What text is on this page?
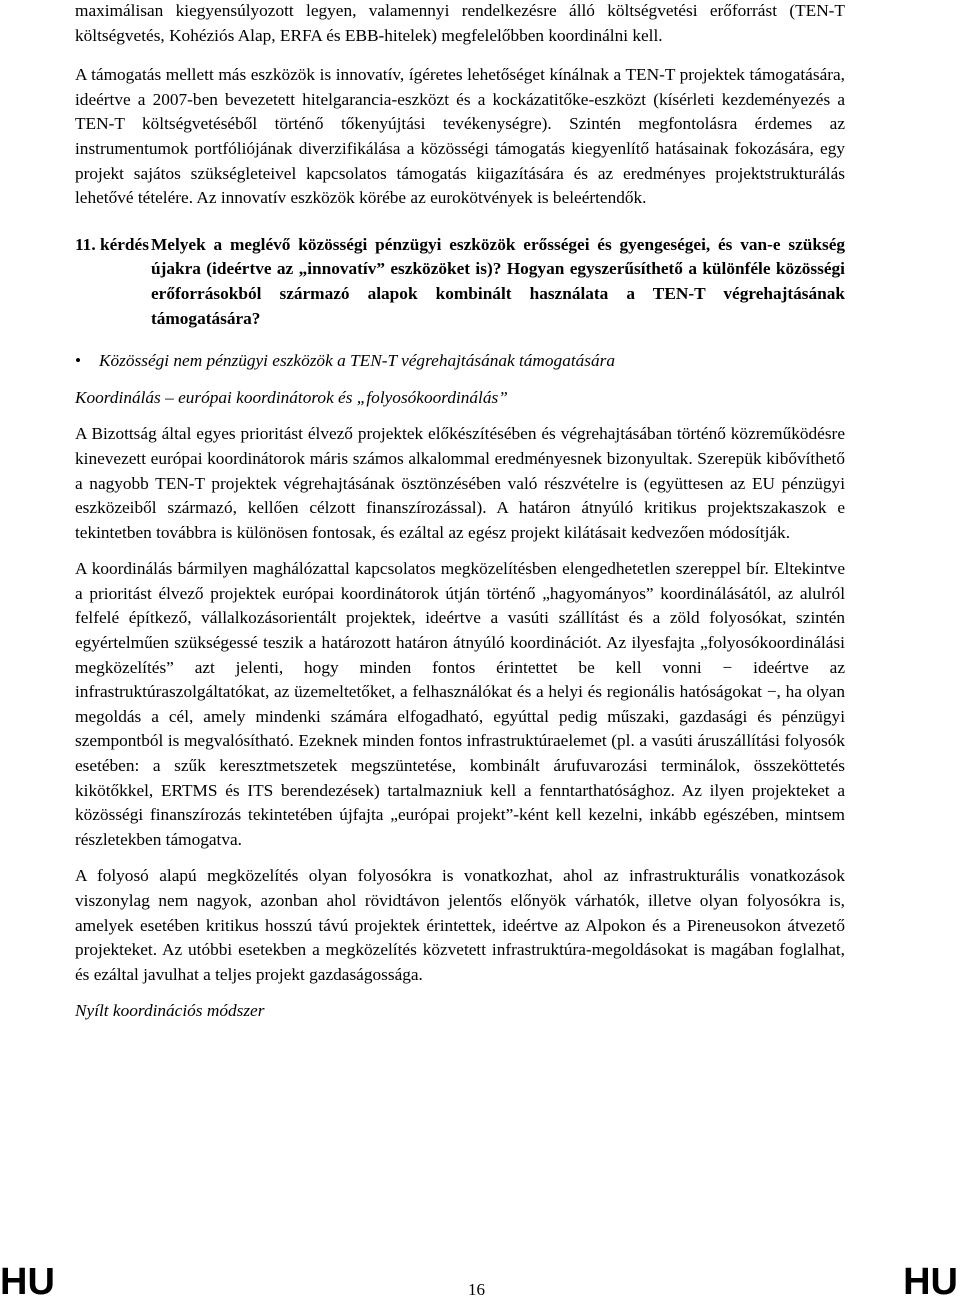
maximálisan kiegyensúlyozott legyen, valamennyi rendelkezésre álló költségvetési erőforrást (TEN-T költségvetés, Kohéziós Alap, ERFA és EBB-hitelek) megfelelőbben koordinálni kell.

A támogatás mellett más eszközök is innovatív, ígéretes lehetőséget kínálnak a TEN-T projektek támogatására, ideértve a 2007-ben bevezetett hitelgarancia-eszközt és a kockázatitőke-eszközt (kísérleti kezdeményezés a TEN-T költségvetéséből történő tőkenyújtási tevékenységre). Szintén megfontolásra érdemes az instrumentumok portfóliójának diverzifikálása a közösségi támogatás kiegyenlítő hatásainak fokozására, egy projekt sajátos szükségleteivel kapcsolatos támogatás kiigazítására és az eredményes projektstrukturálás lehetővé tételére. Az innovatív eszközök körébe az eurokötvények is beleértendők.

11. kérdés Melyek a meglévő közösségi pénzügyi eszközök erősségei és gyengeségei, és van-e szükség újakra (ideértve az „innovatív” eszközöket is)? Hogyan egyszerűsíthető a különféle közösségi erőforrásokból származó alapok kombinált használata a TEN-T végrehajtásának támogatására?
•	Közösségi nem pénzügyi eszközök a TEN-T végrehajtásának támogatására
Koordinálás – európai koordinátorok és „folyosókoordinálás”

A Bizottság által egyes prioritást élvező projektek előkészítésében és végrehajtásában történő közreműködésre kinevezett európai koordinátorok máris számos alkalommal eredményesnek bizonyultak. Szerepük kibővíthető a nagyobb TEN-T projektek végrehajtásának ösztönzésében való részvételre is (együttesen az EU pénzügyi eszközeiből származó, kellően célzott finanszírozással). A határon átnyúló kritikus projektszakaszok e tekintetben továbbra is különösen fontosak, és ezáltal az egész projekt kilátásait kedvezően módosítják.

A koordinálás bármilyen maghálózattal kapcsolatos megközelítésben elengedhetetlen szereppel bír. Eltekintve a prioritást élvező projektek európai koordinátorok útján történő „hagyományos” koordinálásától, az alulról felfelé építkező, vállalkozásorientált projektek, ideértve a vasúti szállítást és a zöld folyosókat, szintén egyértelműen szükségessé teszik a határozott határon átnyúló koordinációt. Az ilyesfajta „folyosókoordinálási megközelítés” azt jelenti, hogy minden fontos érintettet be kell vonni − ideértve az infrastruktúraszolgáltatókat, az üzemeltetőket, a felhasználókat és a helyi és regionális hatóságokat −, ha olyan megoldás a cél, amely mindenki számára elfogadható, egyúttal pedig műszaki, gazdasági és pénzügyi szempontból is megvalósítható. Ezeknek minden fontos infrastruktúraelemet (pl. a vasúti áruszállítási folyosók esetében: a szűk keresztmetszetek megszüntetése, kombinált árufuvarozási terminálok, összeköttetés kikötőkkel, ERTMS és ITS berendezések) tartalmazniuk kell a fenntarthatósághoz. Az ilyen projekteket a közösségi finanszírozás tekintetében újfajta „európai projekt”-ként kell kezelni, inkább egészében, mintsem részletekben támogatva.

A folyosó alapú megközelítés olyan folyosókra is vonatkozhat, ahol az infrastrukturális vonatkozások viszonylag nem nagyok, azonban ahol rövidtávon jelentős előnyök várhatók, illetve olyan folyosókra is, amelyek esetében kritikus hosszú távú projektek érintettek, ideértve az Alpokon és a Pireneusokon átvezető projekteket. Az utóbbi esetekben a megközelítés közvetett infrastruktúra-megoldásokat is magában foglalhat, és ezáltal javulhat a teljes projekt gazdaságossága.

Nyílt koordinációs módszer
HU	16	HU
